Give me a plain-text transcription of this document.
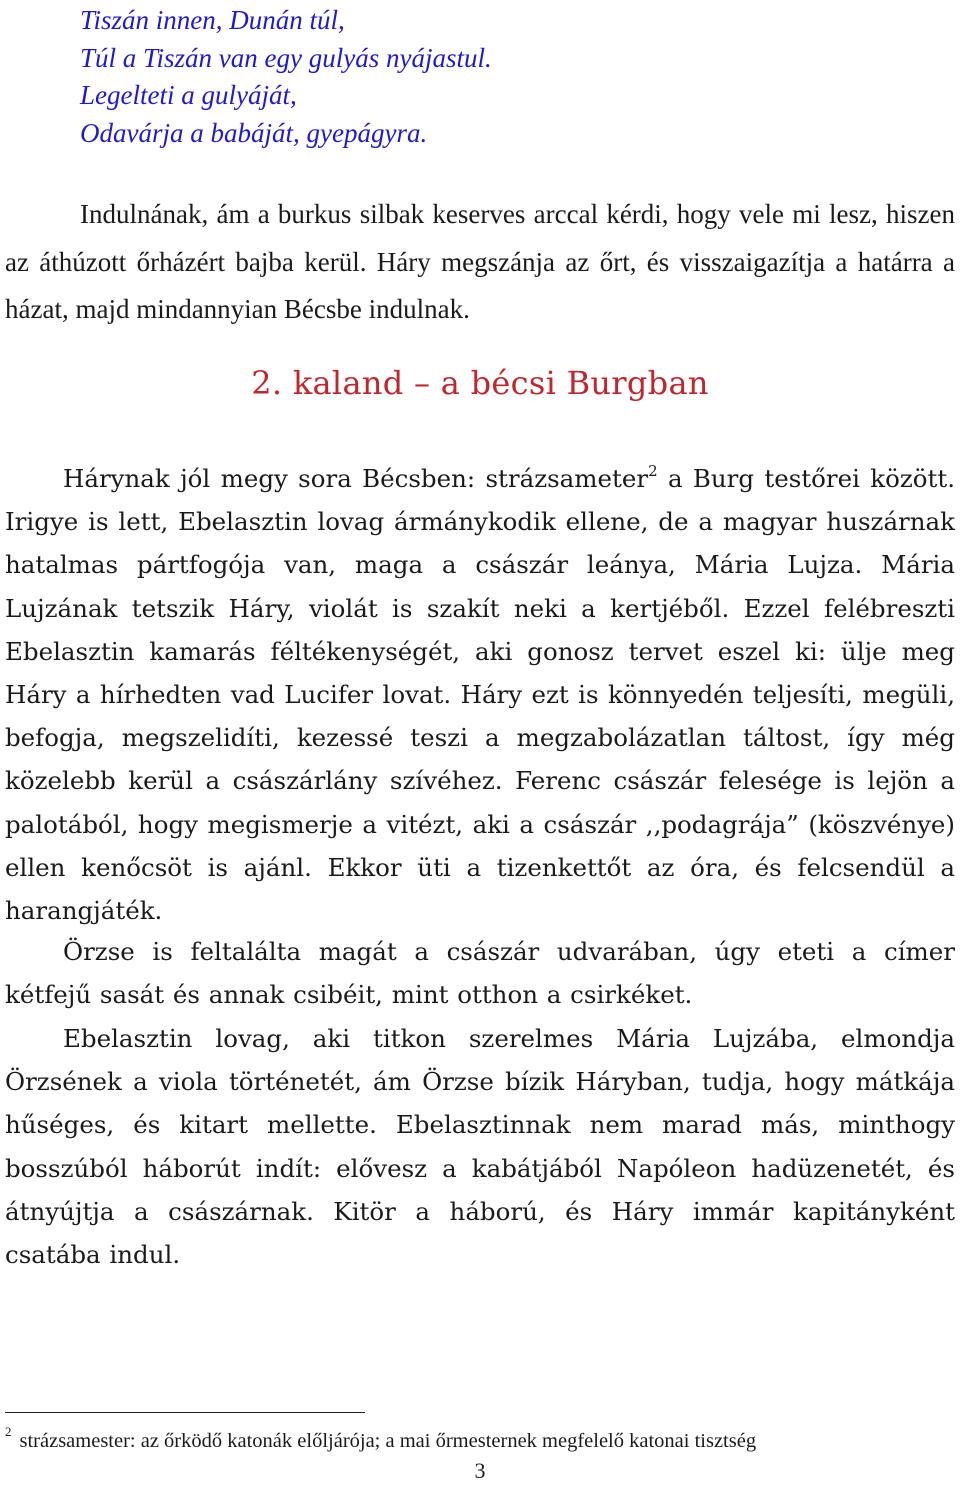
Tiszán innen, Dunán túl,
Túl a Tiszán van egy gulyás nyájastul.
Legelteti a gulyáját,
Odavárja a babáját, gyepágyra.
Indulnának, ám a burkus silbak keserves arccal kérdi, hogy vele mi lesz, hiszen az áthúzott őrházért bajba kerül. Háry megszánja az őrt, és visszaigazítja a határra a házat, majd mindannyian Bécsbe indulnak.
2. kaland – a bécsi Burgban
Hárynak jól megy sora Bécsben: strázsameter$^2$ a Burg testőrei között. Irigye is lett, Ebelasztin lovag ármánykodik ellene, de a magyar huszárnak hatalmas pártfogója van, maga a császár leánya, Mária Lujza. Mária Lujzának tetszik Háry, violát is szakít neki a kertjéből. Ezzel felébreszti Ebelasztin kamarás féltékenységét, aki gonosz tervet eszel ki: ülje meg Háry a hírhedten vad Lucifer lovat. Háry ezt is könnyedén teljesíti, megüli, befogja, megszelidíti, kezessé teszi a megzabolázatlan táltost, így még közelebb kerül a császárlány szívéhez. Ferenc császár felesége is lejön a palotából, hogy megismerje a vitézt, aki a császár ,,podagrája” (köszvénye) ellen kenőcsöt is ajánl. Ekkor üti a tizenkettőt az óra, és felcsendül a harangjáték.
Örzse is feltalálta magát a császár udvarában, úgy eteti a címer kétfejű sasát és annak csibéit, mint otthon a csirkéket.
Ebelasztin lovag, aki titkon szerelmes Mária Lujzába, elmondja Örzsének a viola történetét, ám Örzse bízik Háryban, tudja, hogy mátkája hűséges, és kitart mellette. Ebelasztinnak nem marad más, minthogy bosszúból háborút indít: elővesz a kabátjából Napóleon hadüzenetét, és átnyújtja a császárnak. Kitör a háború, és Háry immár kapitányként csatába indul.
$^2$ strázsamester: az őrködő katonák előljárója; a mai őrmesternek megfelelő katonai tisztség
3
